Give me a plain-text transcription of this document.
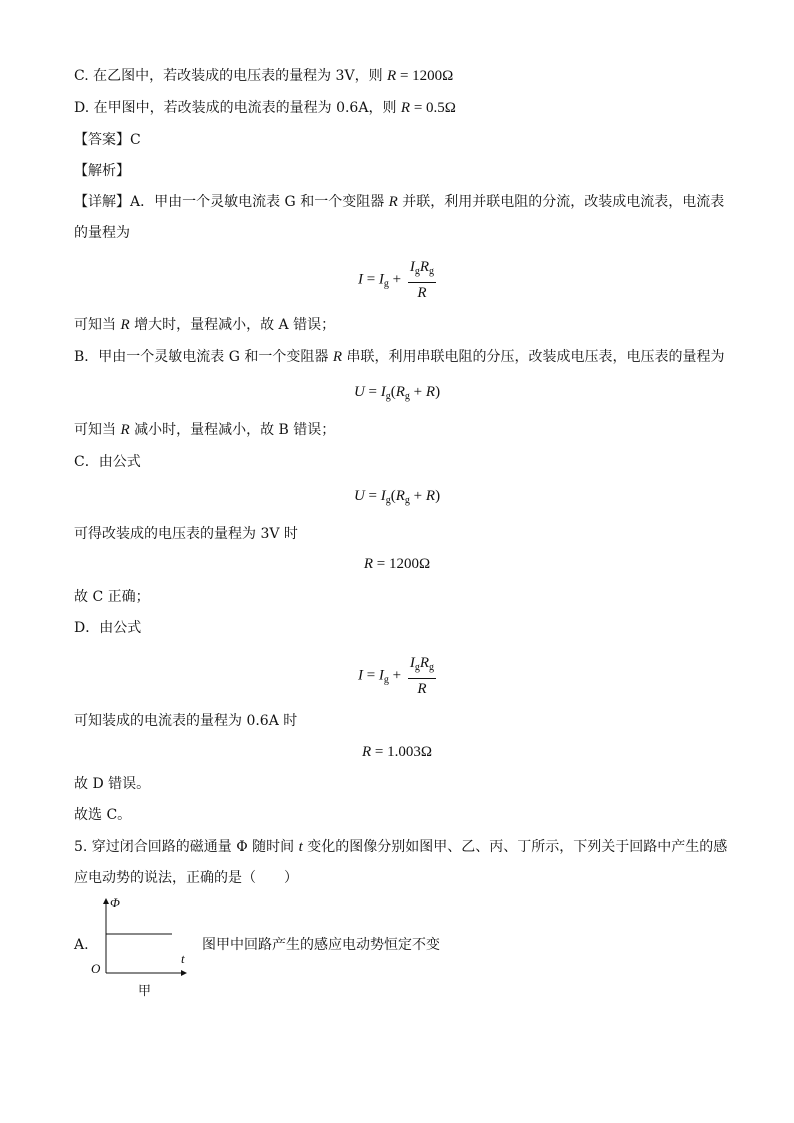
C. 在乙图中，若改装成的电压表的量程为 3V，则 R = 1200Ω
D. 在甲图中，若改装成的电流表的量程为 0.6A，则 R = 0.5Ω
【答案】C
【解析】
【详解】A．甲由一个灵敏电流表 G 和一个变阻器 R 并联，利用并联电阻的分流，改装成电流表，电流表
的量程为
$I = I_g + \frac{I_gR_g}{R}$
可知当 R 增大时，量程减小，故 A 错误；
B．甲由一个灵敏电流表 G 和一个变阻器 R 串联，利用串联电阻的分压，改装成电压表，电压表的量程为
$U = I_g(R_g + R)$
可知当 R 减小时，量程减小，故 B 错误；
C．由公式
$U = I_g(R_g + R)$
可得改装成的电压表的量程为 3V 时
R = 1200Ω
故 C 正确；
D．由公式
$I = I_g + \frac{I_gR_g}{R}$
可知装成的电流表的量程为 0.6A 时
R = 1.003Ω
故 D 错误。
故选 C。
5. 穿过闭合回路的磁通量 Φ 随时间 t 变化的图像分别如图甲、乙、丙、丁所示，下列关于回路中产生的感
应电动势的说法，正确的是（　　）
A.
Φ
t
O
甲
图甲中回路产生的感应电动势恒定不变
